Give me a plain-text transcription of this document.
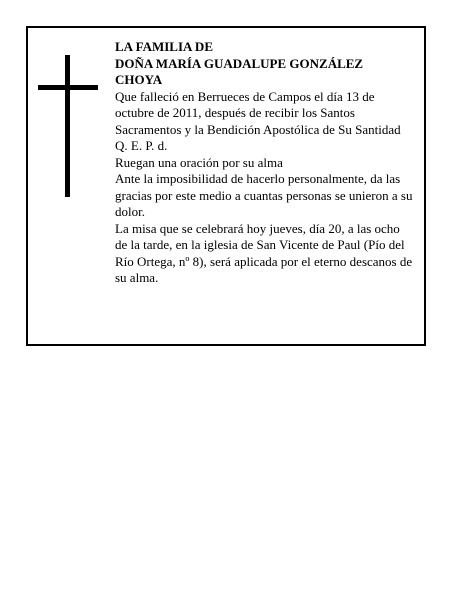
LA FAMILIA DE
DOÑA MARÍA GUADALUPE GONZÁLEZ
CHOYA

Que falleció en Berrueces de Campos el día 13 de octubre de 2011, después de recibir los Santos Sacramentos y la Bendición Apostólica de Su Santidad

Q. E. P. d.

Ruegan una oración por su alma

Ante la imposibilidad de hacerlo personalmente, da las gracias por este medio a cuantas personas se unieron a su dolor.

La misa que se celebrará hoy jueves, día 20, a las ocho de la tarde, en la iglesia de San Vicente de Paul (Pío del Río Ortega, nº 8), será aplicada por el eterno descanos de su alma.
